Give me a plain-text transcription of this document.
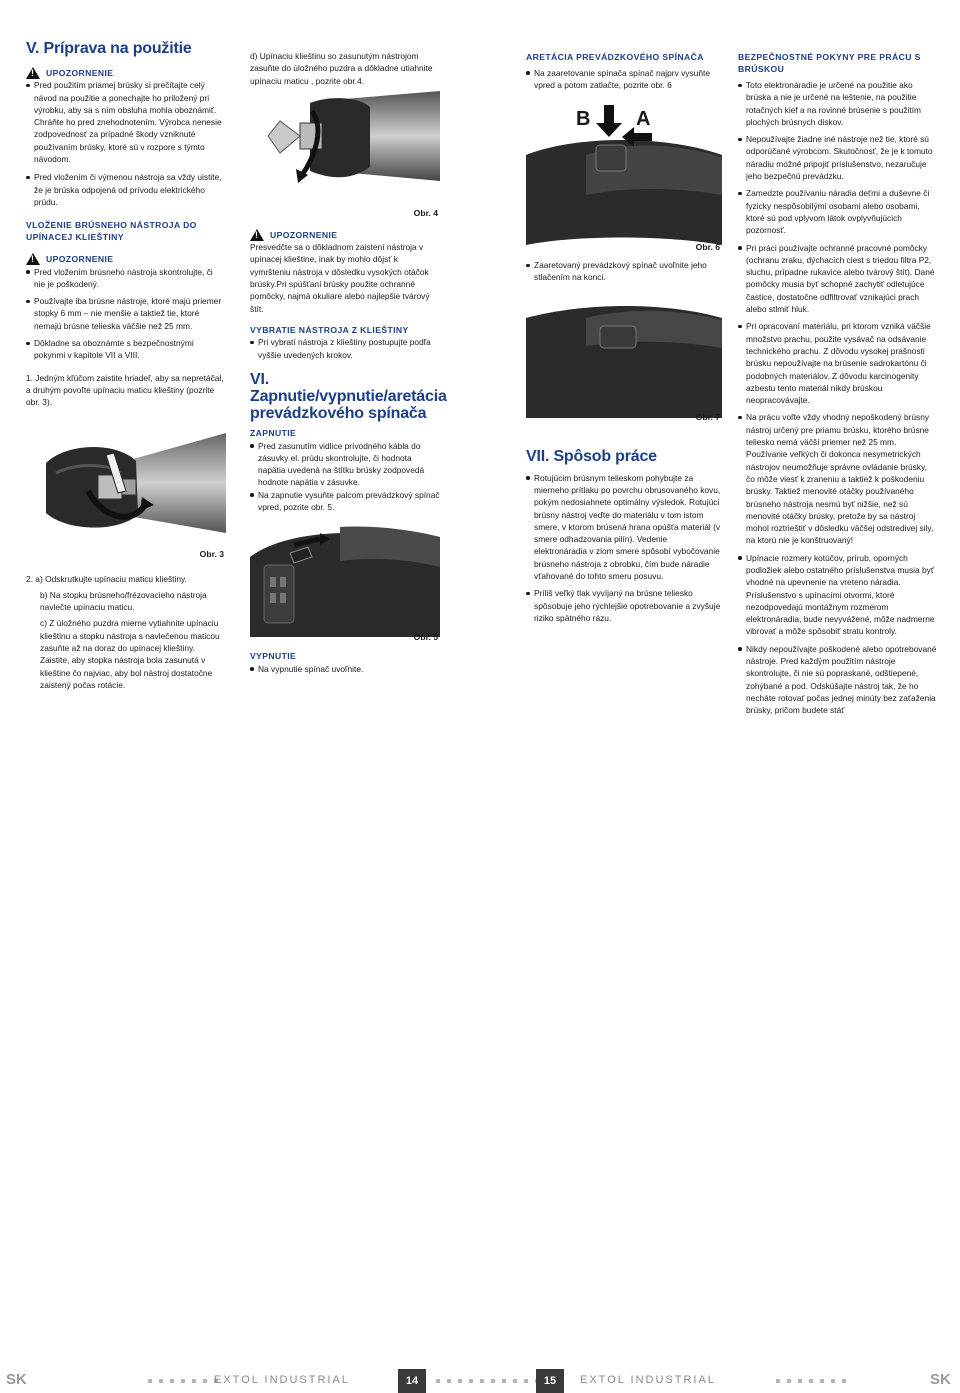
V. Príprava na použitie
!
UPOZORNENIE
Pred použitím priamej brúsky si prečítajte celý návod na použitie a ponechajte ho priložený pri výrobku, aby sa s ním obsluha mohla oboznámiť. Chráňte ho pred znehodnotením. Výrobca nenesie zodpovednosť za prípadné škody vzniknuté používaním brúsky, ktoré sú v rozpore s týmto návodom.
Pred vložením či výmenou nástroja sa vždy uistite, že je brúska odpojená od prívodu elektrického prúdu.
VLOŽENIE BRÚSNEHO NÁSTROJA DO UPÍNACEJ KLIEŠTINY
!
UPOZORNENIE
Pred vložením brúsneho nástroja skontrolujte, či nie je poškodený.
Používajte iba brúsne nástroje, ktoré majú priemer stopky 6 mm – nie menšie a taktiež tie, ktoré nemajú brúsne telieska väčšie než 25 mm.
Dôkladne sa oboznámte s bezpečnostnými pokynmi v kapitole VII a VIII.

1. Jedným kľúčom zaistite hriadeľ, aby sa nepretáčal, a druhým povoľte upínaciu maticu klieštiny (pozrite obr. 3).

Obr. 3

2. a) Odskrutkujte upínaciu maticu klieštiny.

b) Na stopku brúsneho/frézovacieho nástroja navlečte upínaciu maticu.

c) Z úložného puzdra mierne vytiahnite upínaciu klieštinu a stopku nástroja s navlečenou maticou zasuňte až na doraz do upínacej klieštiny. Zaistite, aby stopka nástroja bola zasunutá v klieštine čo najviac, aby bol nástroj dostatočne zaistený počas rotácie.

d) Upínaciu klieštinu so zasunutým nástrojom zasuňte do úložného puzdra a dôkladne utiahnite upínaciu maticu , pozrite obr.4.

Obr. 4
!
UPOZORNENIE

Presvedčte sa o dôkladnom zaistení nástroja v upínacej klieštine, inak by mohlo dôjsť k vymršteniu nástroja v dôsledku vysokých otáčok brúsky.Pri spúšťaní brúsky použite ochranné pomôcky, najmä okuliare alebo najlepšie tvárový štít.

VYBRATIE NÁSTROJA Z KLIEŠTINY
Pri vybratí nástroja z klieštiny postupujte podľa vyššie uvedených krokov.
VI. Zapnutie/vypnutie/aretácia prevádzkového spínača
ZAPNUTIE
Pred zasunutím vidlice prívodného kábla do zásuvky el. prúdu skontrolujte, či hodnota napätia uvedená na štítku brúsky zodpovedá hodnote napätia v zásuvke.
Na zapnutie vysuňte palcom prevádzkový spínač vpred, pozrite obr. 5.
Obr. 5
VYPNUTIE
Na vypnutie spínač uvoľnite.
ARETÁCIA PREVÁDZKOVÉHO SPÍNAČA
Na zaaretovanie spínača spínač najprv vysuňte vpred a potom zatlačte, pozrite obr. 6
B A
Obr. 6
Zaaretovaný prevádzkový spínač uvoľnite jeho stlačením na konci.
Obr. 7
VII. Spôsob práce
Rotujúcim brúsnym telieskom pohybujte za mierneho prítlaku po povrchu obrusovaného kovu, pokým nedosiahnete optimálny výsledok. Rotujúci brúsny nástroj veďte do materiálu v tom istom smere, v ktorom brúsená hrana opúšťa materiál (v smere odhadzovania pilín). Vedenie elektronáradia v zlom smere spôsobí vybočovanie brúsneho nástroja z obrobku, čím bude náradie vťahované do tohto smeru posuvu.
Príliš veľký tlak vyvíjaný na brúsne teliesko spôsobuje jeho rýchlejšie opotrebovanie a zvyšuje riziko spätného rázu.
BEZPEČNOSTNÉ POKYNY PRE PRÁCU S BRÚSKOU
Toto elektronáradie je určené na použitie ako brúska a nie je určené na leštenie, na použitie rotačných kief a na rovinné brúsenie s použitím plochých brúsnych diskov.
Nepoužívajte žiadne iné nástroje než tie, ktoré sú odporúčané výrobcom. Skutočnosť, že je k tomuto náradiu možné pripojiť príslušenstvo, nezaručuje jeho bezpečnú prevádzku.
Zamedzte používaniu náradia deťmi a duševne či fyzicky nespôsobilými osobami alebo osobami, ktoré sú pod vplyvom látok ovplyvňujúcich pozornosť.
Pri práci používajte ochranné pracovné pomôcky (ochranu zraku, dýchacích ciest s triedou filtra P2, sluchu, prípadne rukavice alebo tvárový štít). Dané pomôcky musia byť schopné zachytiť odletujúce častice, dostatočne odfiltrovať vznikajúci prach alebo stlmiť hluk.
Pri opracovaní materiálu, pri ktorom vzniká väčšie množstvo prachu, použite vysávač na odsávanie technického prachu. Z dôvodu vysokej prašnosti brúsku nepoužívajte na brúsenie sadrokartónu či podobných materiálov. Z dôvodu karcinogenity azbestu tento materiál nikdy brúskou neopracovávajte.
Na prácu voľte vždy vhodný nepoškodený brúsny nástroj určený pre priamu brúsku, ktorého brúsne teliesko nemá väčší priemer než 25 mm. Používanie veľkých či dokonca nesymetrických nástrojov neumožňuje správne ovládanie brúsky, čo môže viesť k zraneniu a taktiež k poškodeniu brúsky. Taktiež menovité otáčky používaného brúsneho nástroja nesmú byť nižšie, než sú menovité otáčky brúsky, pretože by sa nástroj mohol roztrieštiť v dôsledku väčšej odstredivej sily, na ktorú nie je konštruovaný!
Upínacie rozmery kotúčov, prírub, oporných podložiek alebo ostatného príslušenstva musia byť vhodné na upevnenie na vreteno náradia. Príslušenstvo s upínacími otvormi, ktoré nezodpovedajú montážnym rozmerom elektronáradia, bude nevyvážené, môže nadmerne vibrovať a môže spôsobiť stratu kontroly.
Nikdy nepoužívajte poškodené alebo opotrebované nástroje. Pred každým použitím nástroje skontrolujte, či nie sú popraskané, odštiepené, zohýbané a pod. Odskúšajte nástroj tak, že ho necháte rotovať počas jednej minúty bez zaťaženia brúsky, pričom budete stáť
SK	EXTOL INDUSTRIAL	14	15	EXTOL INDUSTRIAL	SK
